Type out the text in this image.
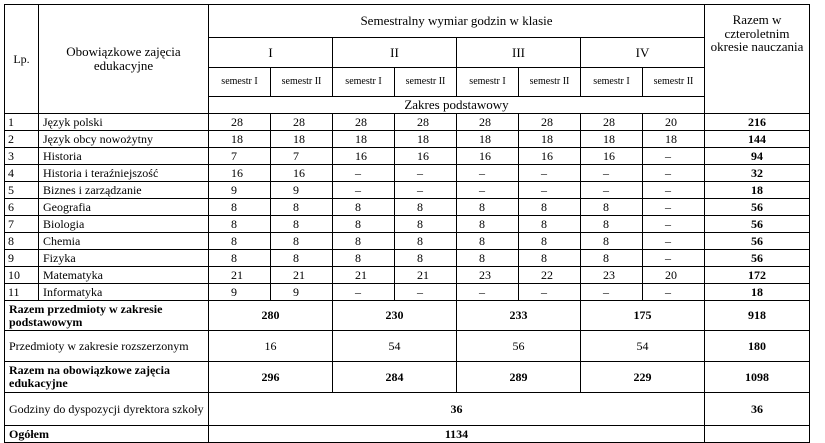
Lp.	Obowiązkowe zajęcia edukacyjne	Semestralny wymiar godzin w klasie								Razem w czteroletnim okresie nauczania
		I		II		III		IV		
		semestr I	semestr II	semestr I	semestr II	semestr I	semestr II	semestr I	semestr II	
		Zakres podstawowy								
1	Język polski	28	28	28	28	28	28	28	20	216
2	Język obcy nowożytny	18	18	18	18	18	18	18	18	144
3	Historia	7	7	16	16	16	16	16	–	94
4	Historia i teraźniejszość	16	16	–	–	–	–	–	–	32
5	Biznes i zarządzanie	9	9	–	–	–	–	–	–	18
6	Geografia	8	8	8	8	8	8	8	–	56
7	Biologia	8	8	8	8	8	8	8	–	56
8	Chemia	8	8	8	8	8	8	8	–	56
9	Fizyka	8	8	8	8	8	8	8	–	56
10	Matematyka	21	21	21	21	23	22	23	20	172
11	Informatyka	9	9	–	–	–	–	–	–	18
Razem przedmioty w zakresie podstawowym		280		230		233		175		918
Przedmioty w zakresie rozszerzonym		16		54		56		54		180
Razem na obowiązkowe zajęcia edukacyjne		296		284		289		229		1098
Godziny do dyspozycji dyrektora szkoły		36								36
Ogółem		1134								
